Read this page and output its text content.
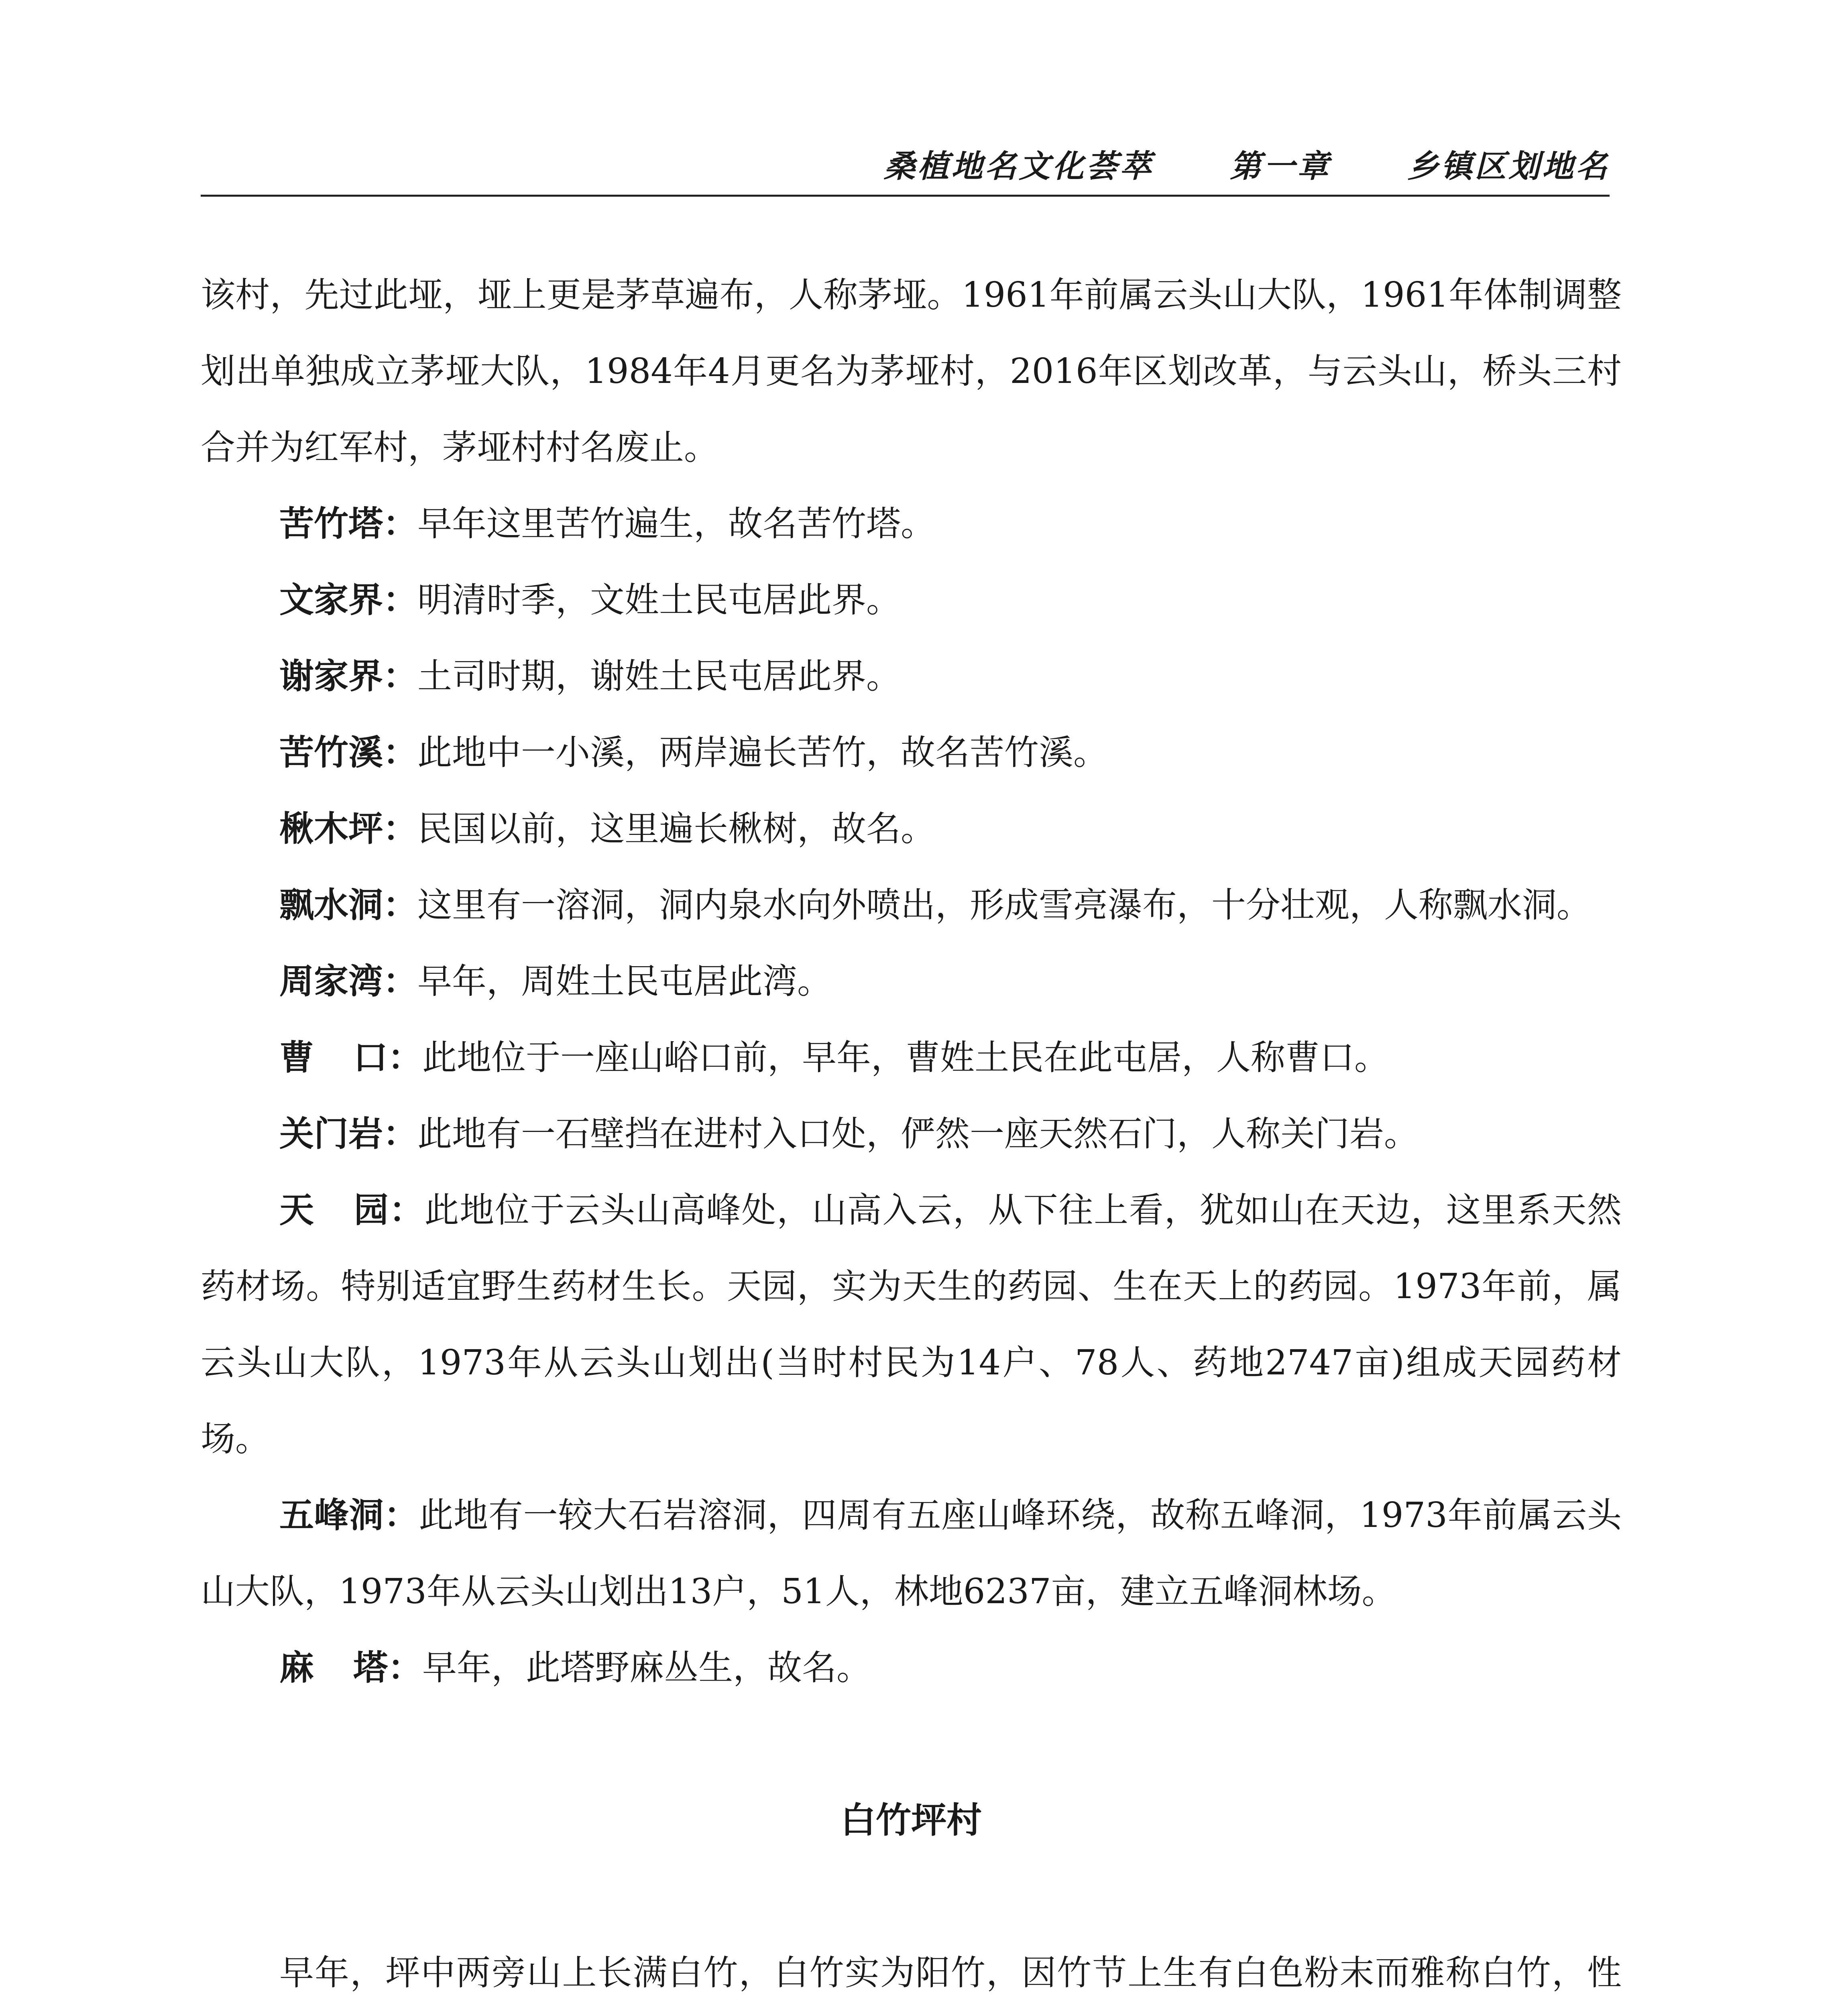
桑植地名文化荟萃 第一章 乡镇区划地名

该村，先过此垭，垭上更是茅草遍布，人称茅垭。1961年前属云头山大队，1961年体制调整划出单独成立茅垭大队，1984年4月更名为茅垭村，2016年区划改革，与云头山，桥头三村合并为红军村，茅垭村村名废止。

苦竹塔：早年这里苦竹遍生，故名苦竹塔。

文家界：明清时季，文姓土民屯居此界。

谢家界：土司时期，谢姓土民屯居此界。

苦竹溪：此地中一小溪，两岸遍长苦竹，故名苦竹溪。

楸木坪：民国以前，这里遍长楸树，故名。

飘水洞：这里有一溶洞，洞内泉水向外喷出，形成雪亮瀑布，十分壮观，人称飘水洞。

周家湾：早年，周姓土民屯居此湾。

曹口：此地位于一座山峪口前，早年，曹姓土民在此屯居，人称曹口。

关门岩：此地有一石壁挡在进村入口处，俨然一座天然石门，人称关门岩。

天园：此地位于云头山高峰处，山高入云，从下往上看，犹如山在天边，这里系天然药材场。特别适宜野生药材生长。天园，实为天生的药园、生在天上的药园。1973年前，属云头山大队，1973年从云头山划出(当时村民为14户、78人、药地2747亩)组成天园药材场。

五峰洞：此地有一较大石岩溶洞，四周有五座山峰环绕，故称五峰洞，1973年前属云头山大队，1973年从云头山划出13户，51人，林地6237亩，建立五峰洞林场。

麻塔：早年，此塔野麻丛生，故名。

白竹坪村

早年，坪中两旁山上长满白竹，白竹实为阳竹，因竹节上生有白色粉末而雅称白竹，性
